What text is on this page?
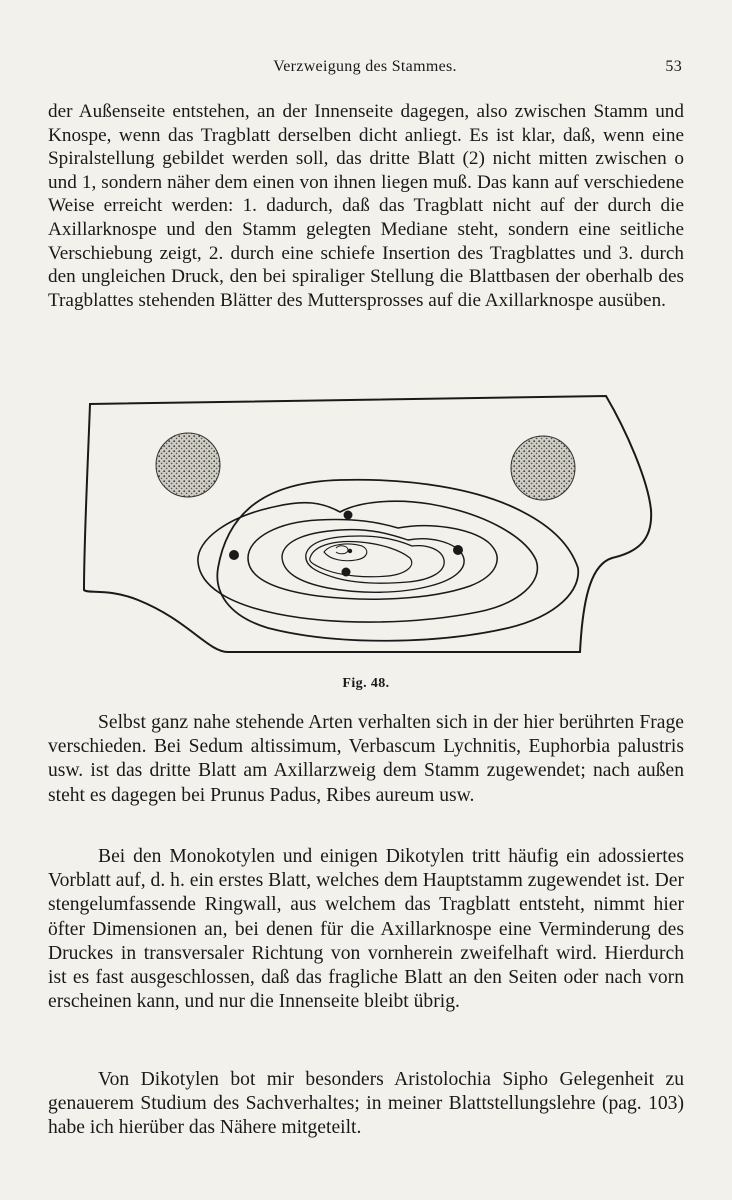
Verzweigung des Stammes.	53

der Außenseite entstehen, an der Innenseite dagegen, also zwischen Stamm und Knospe, wenn das Tragblatt derselben dicht anliegt. Es ist klar, daß, wenn eine Spiralstellung gebildet werden soll, das dritte Blatt (2) nicht mitten zwischen o und 1, sondern näher dem einen von ihnen liegen muß. Das kann auf verschiedene Weise erreicht werden: 1. dadurch, daß das Tragblatt nicht auf der durch die Axillarknospe und den Stamm gelegten Mediane steht, sondern eine seitliche Verschiebung zeigt, 2. durch eine schiefe Insertion des Tragblattes und 3. durch den ungleichen Druck, den bei spiraliger Stellung die Blattbasen der oberhalb des Tragblattes stehenden Blätter des Muttersprosses auf die Axillarknospe ausüben.

Fig. 48.

Selbst ganz nahe stehende Arten verhalten sich in der hier berührten Frage verschieden. Bei Sedum altissimum, Verbascum Lychnitis, Euphorbia palustris usw. ist das dritte Blatt am Axillarzweig dem Stamm zugewendet; nach außen steht es dagegen bei Prunus Padus, Ribes aureum usw.

Bei den Monokotylen und einigen Dikotylen tritt häufig ein adossiertes Vorblatt auf, d. h. ein erstes Blatt, welches dem Hauptstamm zugewendet ist. Der stengelumfassende Ringwall, aus welchem das Tragblatt entsteht, nimmt hier öfter Dimensionen an, bei denen für die Axillarknospe eine Verminderung des Druckes in transversaler Richtung von vornherein zweifelhaft wird. Hierdurch ist es fast ausgeschlossen, daß das fragliche Blatt an den Seiten oder nach vorn erscheinen kann, und nur die Innenseite bleibt übrig.

Von Dikotylen bot mir besonders Aristolochia Sipho Gelegenheit zu genauerem Studium des Sachverhaltes; in meiner Blattstellungslehre (pag. 103) habe ich hierüber das Nähere mitgeteilt.
